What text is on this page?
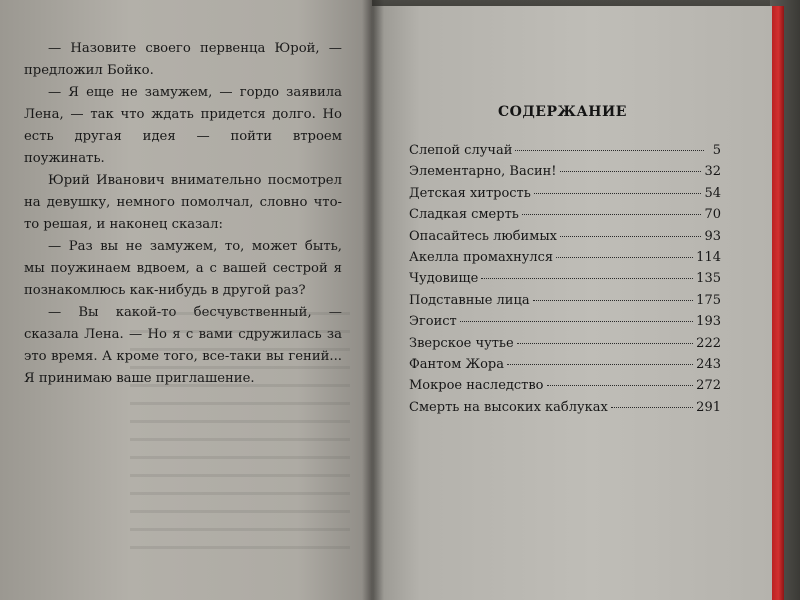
— Назовите своего первенца Юрой, — предложил Бойко.

— Я еще не замужем, — гордо заявила Лена, — так что ждать придется долго. Но есть другая идея — пойти втроем поужинать.

Юрий Иванович внимательно посмотрел на девушку, немного помолчал, словно что-то решая, и наконец сказал:

— Раз вы не замужем, то, может быть, мы поужинаем вдвоем, а с вашей сестрой я познакомлюсь как-нибудь в другой раз?

— Вы какой-то бесчувственный, — сказала Лена. — Но я с вами сдружилась за это время. А кроме того, все-таки вы гений... Я принимаю ваше приглашение.

СОДЕРЖАНИЕ
Слепой случай	5
Элементарно, Васин!	32
Детская хитрость	54
Сладкая смерть	70
Опасайтесь любимых	93
Акелла промахнулся	114
Чудовище	135
Подставные лица	175
Эгоист	193
Зверское чутье	222
Фантом Жора	243
Мокрое наследство	272
Смерть на высоких каблуках	291
